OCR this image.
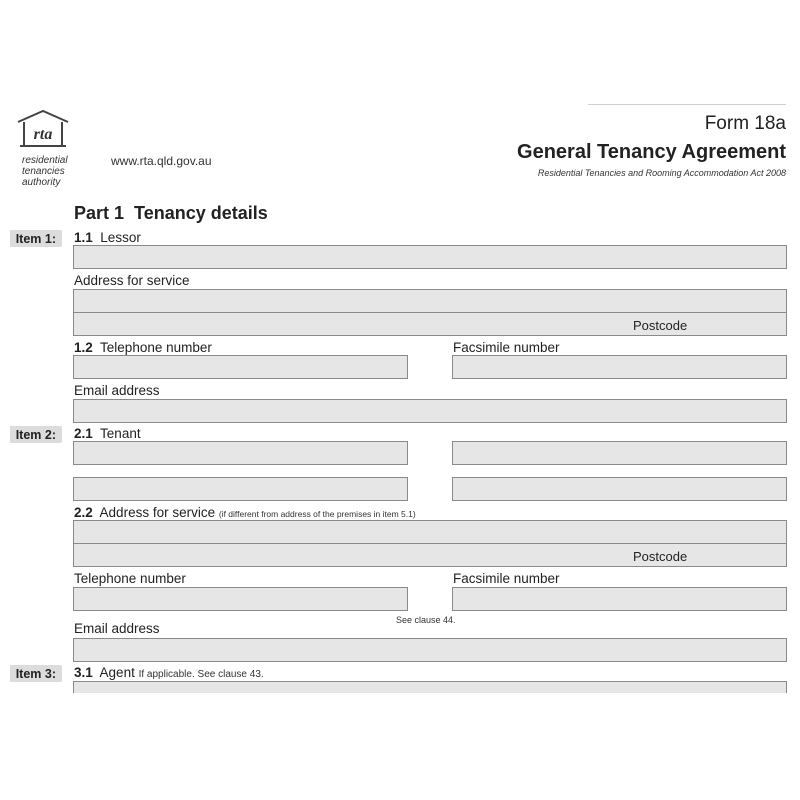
rta
residential
tenancies
authority
www.rta.qld.gov.au
Form 18a
General Tenancy Agreement
Residential Tenancies and Rooming Accommodation Act 2008
Part 1  Tenancy details
Item 1:	1.1 Lessor
Address for service
Postcode
1.2 Telephone number	Facsimile number
Email address
Item 2:	2.1 Tenant
2.2 Address for service (if different from address of the premises in item 5.1)
Postcode
Telephone number	Facsimile number
Email address
See clause 44.
Item 3:	3.1 Agent If applicable. See clause 43.
